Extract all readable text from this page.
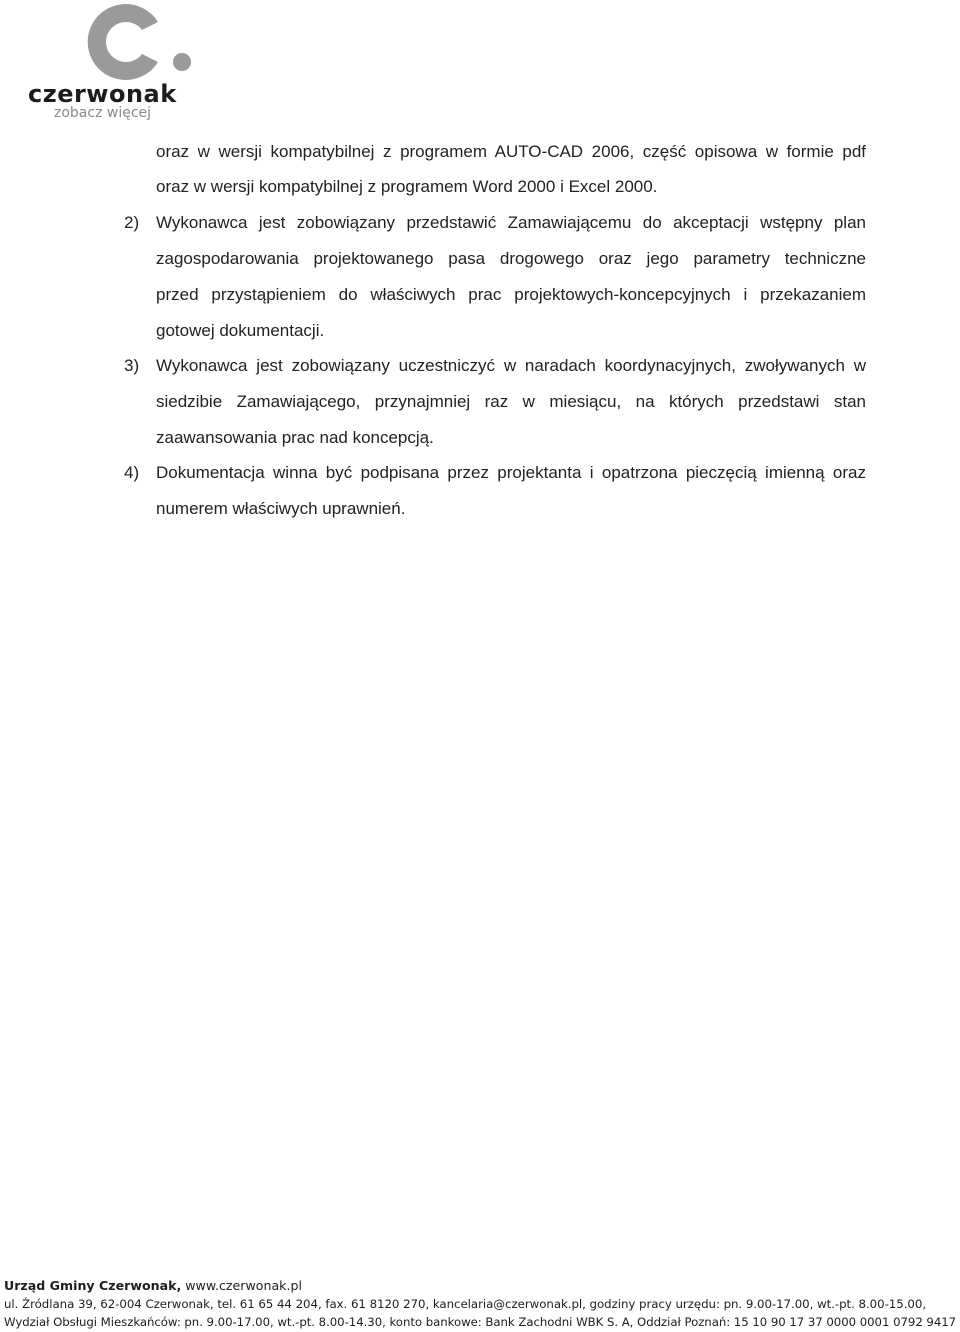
czerwonak
zobacz więcej
oraz w wersji kompatybilnej z programem AUTO-CAD 2006, część opisowa w formie pdf
oraz w wersji kompatybilnej z programem Word 2000 i Excel 2000.
2) Wykonawca jest zobowiązany przedstawić Zamawiającemu do akceptacji wstępny plan
zagospodarowania projektowanego pasa drogowego oraz jego parametry techniczne
przed przystąpieniem do właściwych prac projektowych-koncepcyjnych i przekazaniem
gotowej dokumentacji.
3) Wykonawca jest zobowiązany uczestniczyć w naradach koordynacyjnych, zwoływanych w
siedzibie Zamawiającego, przynajmniej raz w miesiącu, na których przedstawi stan
zaawansowania prac nad koncepcją.
4) Dokumentacja winna być podpisana przez projektanta i opatrzona pieczęcią imienną oraz
numerem właściwych uprawnień.
Urząd Gminy Czerwonak, www.czerwonak.pl
ul. Źródlana 39, 62-004 Czerwonak, tel. 61 65 44 204, fax. 61 8120 270, kancelaria@czerwonak.pl, godziny pracy urzędu: pn. 9.00-17.00, wt.-pt. 8.00-15.00,
Wydział Obsługi Mieszkańców: pn. 9.00-17.00, wt.-pt. 8.00-14.30, konto bankowe: Bank Zachodni WBK S. A, Oddział Poznań: 15 10 90 17 37 0000 0001 0792 9417
